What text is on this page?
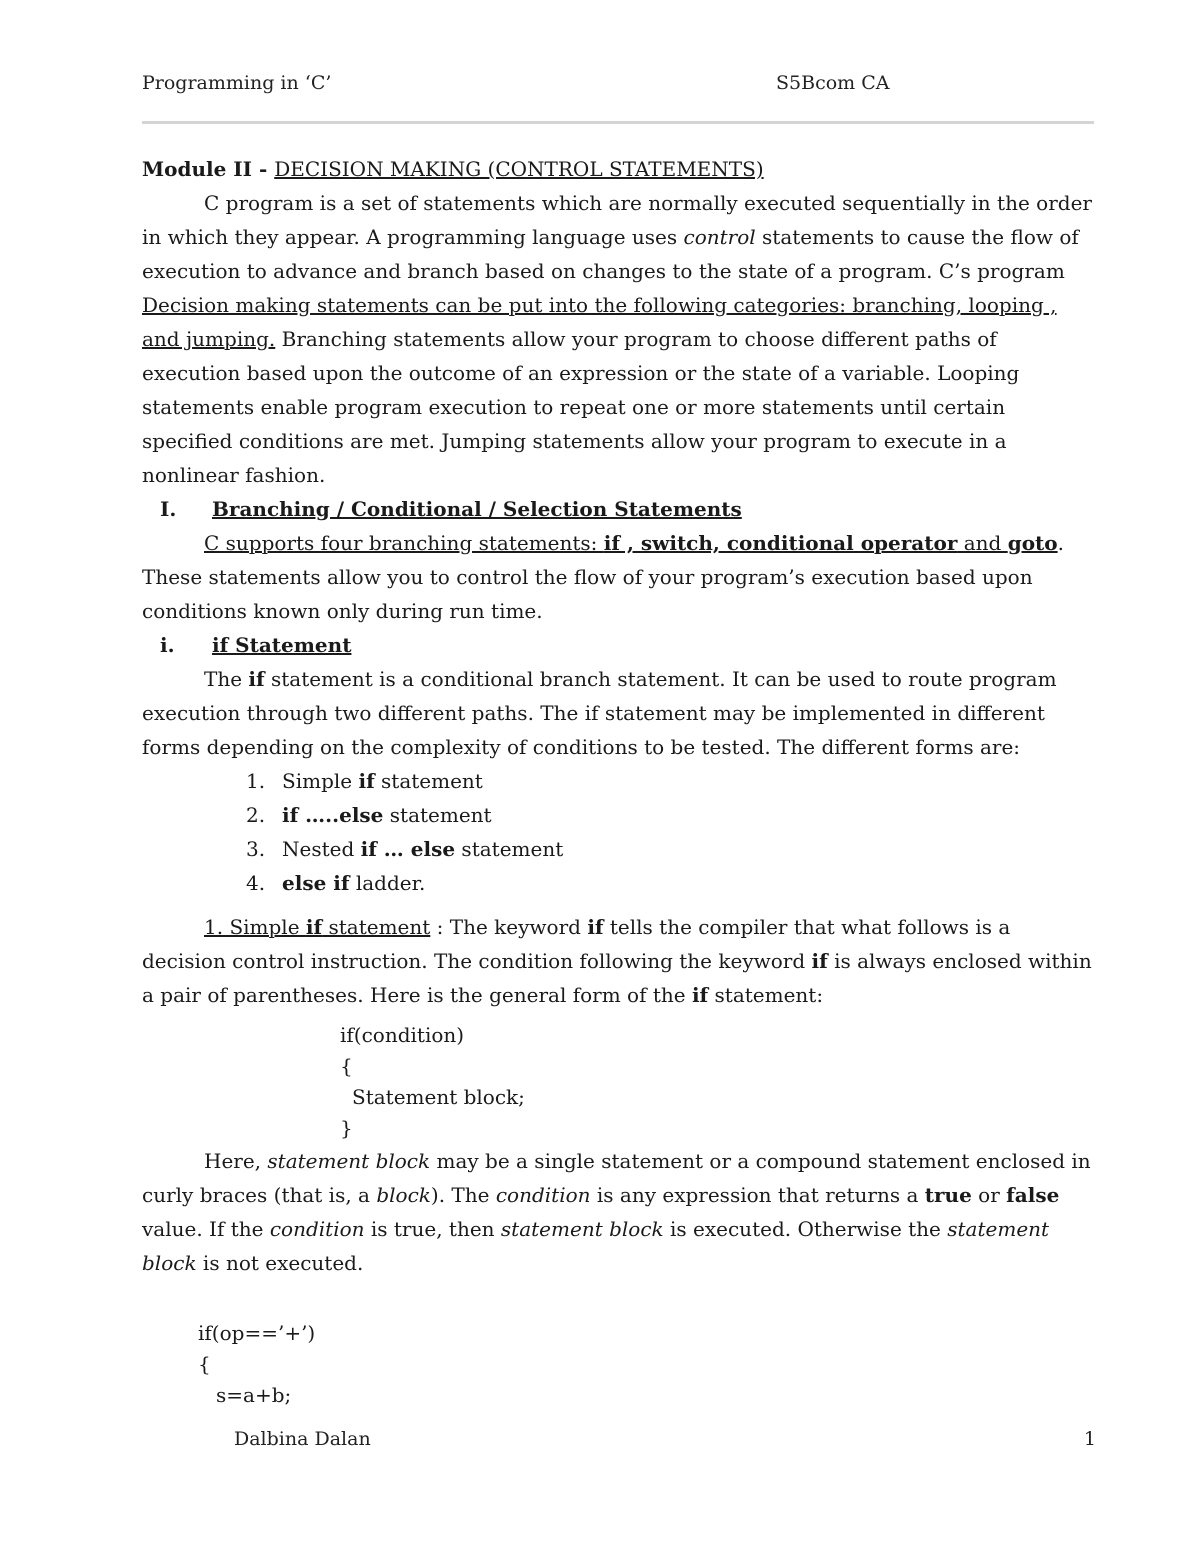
Programming in ‘C’	S5Bcom CA

Module II - DECISION MAKING (CONTROL STATEMENTS)

C program is a set of statements which are normally executed sequentially in the order in which they appear. A programming language uses control statements to cause the flow of execution to advance and branch based on changes to the state of a program. C’s program Decision making statements can be put into the following categories: branching, looping , and jumping. Branching statements allow your program to choose different paths of execution based upon the outcome of an expression or the state of a variable. Looping statements enable program execution to repeat one or more statements until certain specified conditions are met. Jumping statements allow your program to execute in a nonlinear fashion.

I. Branching / Conditional / Selection Statements

C supports four branching statements: if , switch, conditional operator and goto. These statements allow you to control the flow of your program’s execution based upon conditions known only during run time.

i. if Statement

The if statement is a conditional branch statement. It can be used to route program execution through two different paths. The if statement may be implemented in different forms depending on the complexity of conditions to be tested. The different forms are:

1. Simple if statement
2. if …..else statement
3. Nested if … else statement
4. else if ladder.

1. Simple if statement : The keyword if tells the compiler that what follows is a decision control instruction. The condition following the keyword if is always enclosed within a pair of parentheses. Here is the general form of the if statement:

if(condition)
{
Statement block;
}

Here, statement block may be a single statement or a compound statement enclosed in curly braces (that is, a block). The condition is any expression that returns a true or false value. If the condition is true, then statement block is executed. Otherwise the statement block is not executed.

if(op==’+’)
{
s=a+b;
Dalbina Dalan	1
